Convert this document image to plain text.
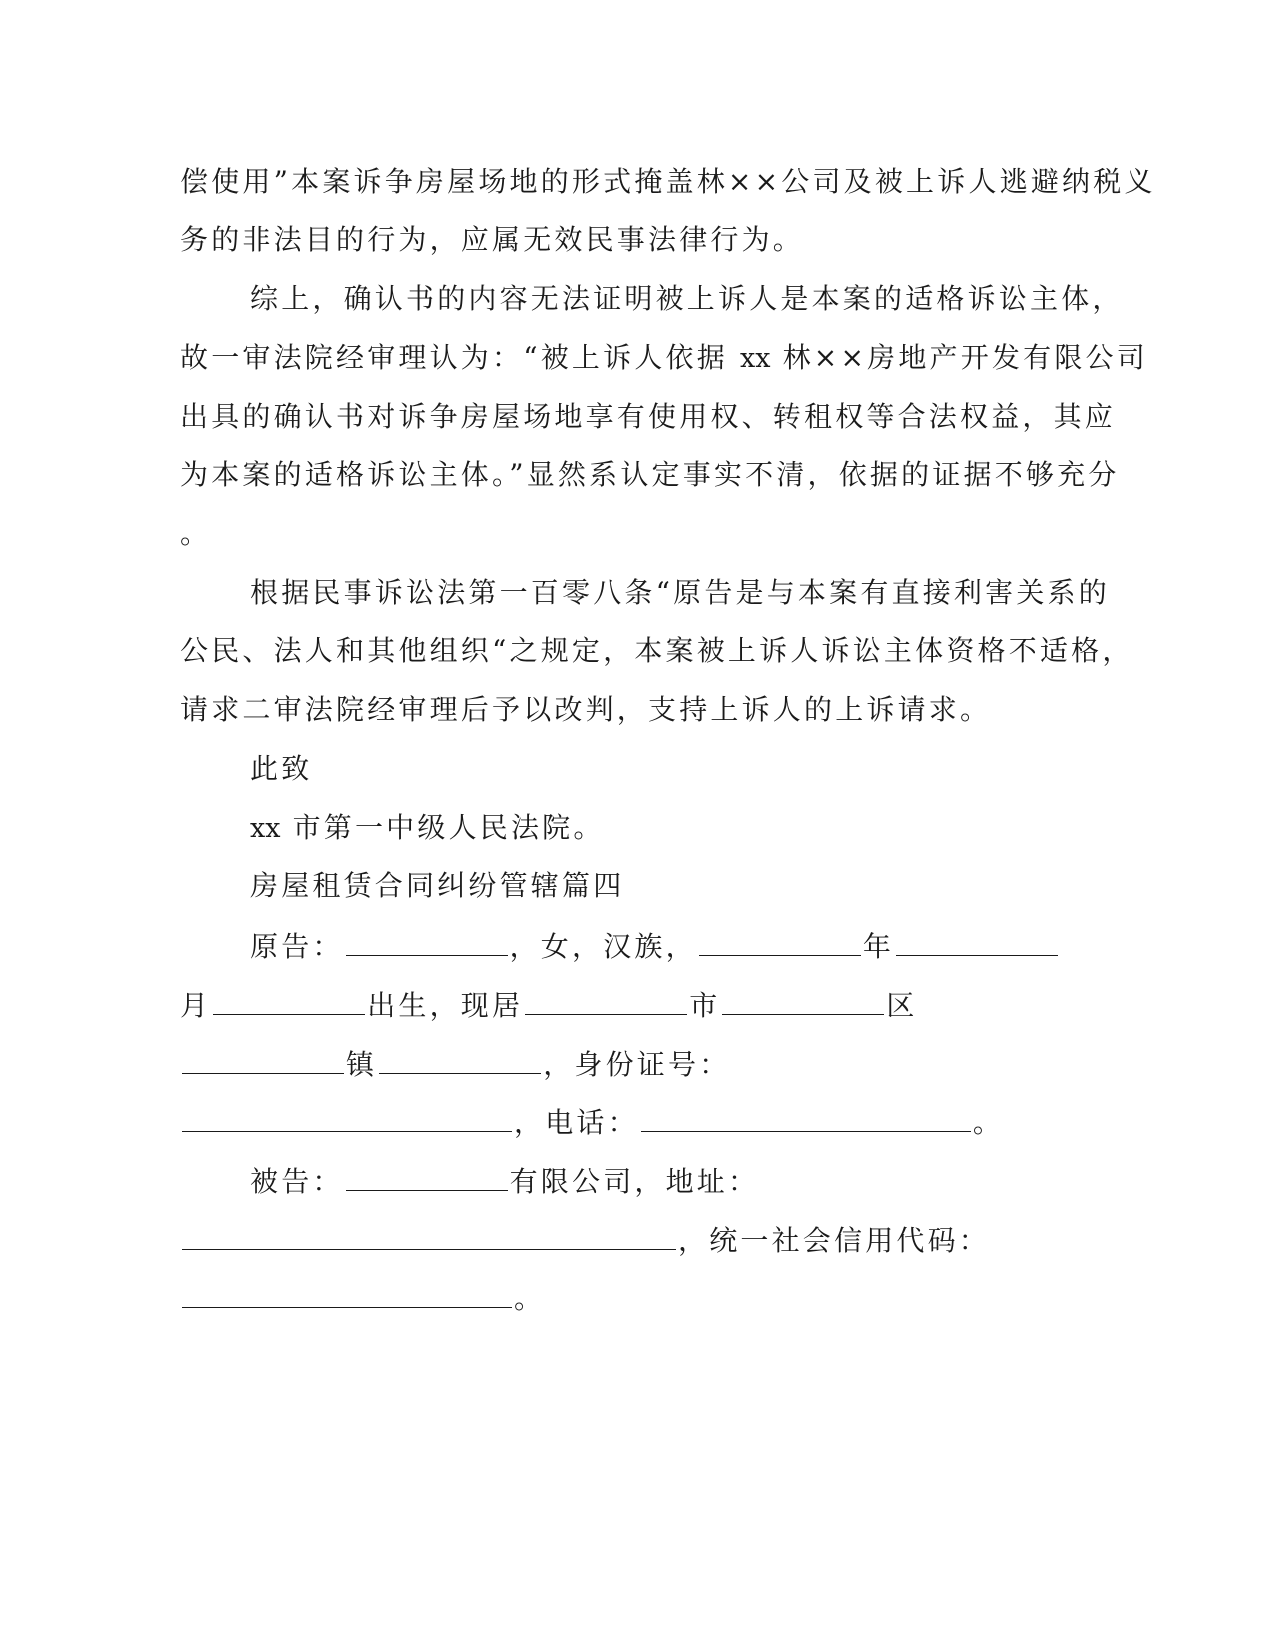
偿使用”本案诉争房屋场地的形式掩盖林××公司及被上诉人逃避纳税义
务的非法目的行为，应属无效民事法律行为。
综上，确认书的内容无法证明被上诉人是本案的适格诉讼主体，
故一审法院经审理认为：“被上诉人依据 xx 林××房地产开发有限公司
出具的确认书对诉争房屋场地享有使用权、转租权等合法权益，其应
为本案的适格诉讼主体。”显然系认定事实不清，依据的证据不够充分
。
根据民事诉讼法第一百零八条“原告是与本案有直接利害关系的
公民、法人和其他组织“之规定，本案被上诉人诉讼主体资格不适格，
请求二审法院经审理后予以改判，支持上诉人的上诉请求。
此致
xx 市第一中级人民法院。
房屋租赁合同纠纷管辖篇四
原告：	，女，汉族，	年
月	出生，现居	市	区
镇	，身份证号：
，电话：	。
被告：	有限公司，地址：
，统一社会信用代码：
。
